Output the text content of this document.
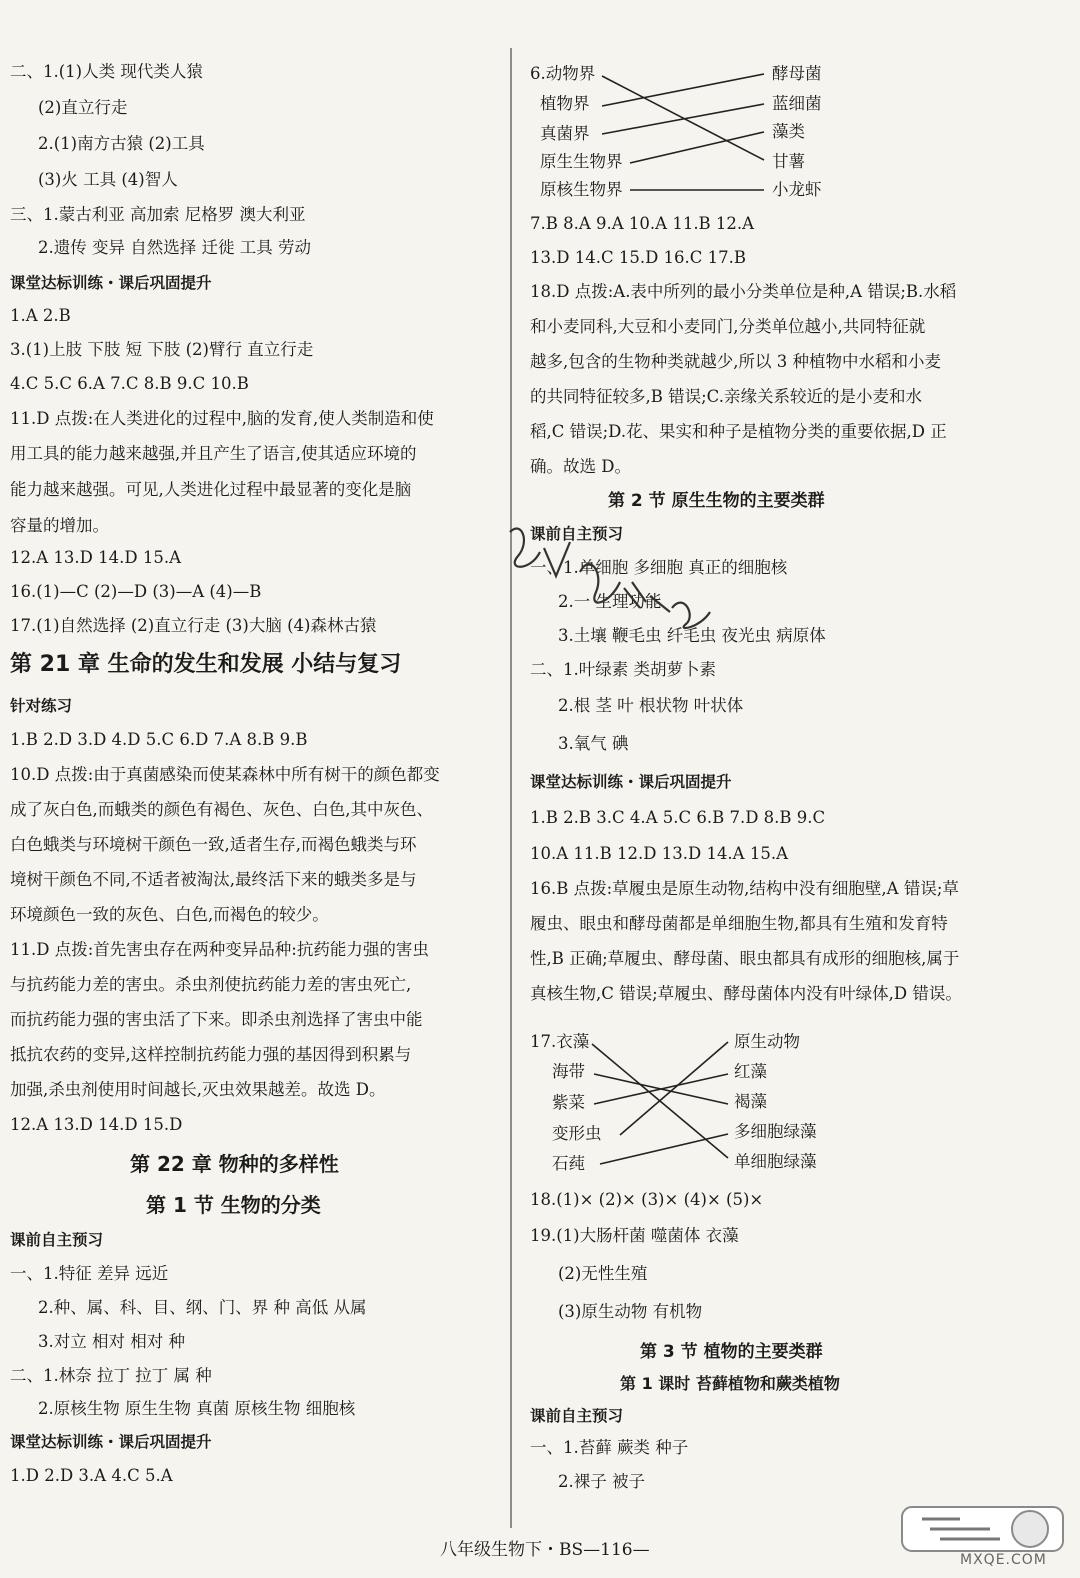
二、1.(1)人类 现代类人猿
(2)直立行走
2.(1)南方古猿 (2)工具
(3)火 工具 (4)智人
三、1.蒙古利亚 高加索 尼格罗 澳大利亚
2.遗传 变异 自然选择 迁徙 工具 劳动
课堂达标训练・课后巩固提升
1.A 2.B
3.(1)上肢 下肢 短 下肢 (2)臂行 直立行走
4.C 5.C 6.A 7.C 8.B 9.C 10.B
11.D 点拨:在人类进化的过程中,脑的发育,使人类制造和使
用工具的能力越来越强,并且产生了语言,使其适应环境的
能力越来越强。可见,人类进化过程中最显著的变化是脑
容量的增加。
12.A 13.D 14.D 15.A
16.(1)—C (2)—D (3)—A (4)—B
17.(1)自然选择 (2)直立行走 (3)大脑 (4)森林古猿
第 21 章 生命的发生和发展 小结与复习
针对练习
1.B 2.D 3.D 4.D 5.C 6.D 7.A 8.B 9.B
10.D 点拨:由于真菌感染而使某森林中所有树干的颜色都变
成了灰白色,而蛾类的颜色有褐色、灰色、白色,其中灰色、
白色蛾类与环境树干颜色一致,适者生存,而褐色蛾类与环
境树干颜色不同,不适者被淘汰,最终活下来的蛾类多是与
环境颜色一致的灰色、白色,而褐色的较少。
11.D 点拨:首先害虫存在两种变异品种:抗药能力强的害虫
与抗药能力差的害虫。杀虫剂使抗药能力差的害虫死亡,
而抗药能力强的害虫活了下来。即杀虫剂选择了害虫中能
抵抗农药的变异,这样控制抗药能力强的基因得到积累与
加强,杀虫剂使用时间越长,灭虫效果越差。故选 D。
12.A 13.D 14.D 15.D
第 22 章 物种的多样性
第 1 节 生物的分类
课前自主预习
一、1.特征 差异 远近
2.种、属、科、目、纲、门、界 种 高低 从属
3.对立 相对 相对 种
二、1.林奈 拉丁 拉丁 属 种
2.原核生物 原生生物 真菌 原核生物 细胞核
课堂达标训练・课后巩固提升
1.D 2.D 3.A 4.C 5.A
6.动物界
植物界
真菌界
原生生物界
原核生物界
酵母菌
蓝细菌
藻类
甘薯
小龙虾
7.B 8.A 9.A 10.A 11.B 12.A
13.D 14.C 15.D 16.C 17.B
18.D 点拨:A.表中所列的最小分类单位是种,A 错误;B.水稻
和小麦同科,大豆和小麦同门,分类单位越小,共同特征就
越多,包含的生物种类就越少,所以 3 种植物中水稻和小麦
的共同特征较多,B 错误;C.亲缘关系较近的是小麦和水
稻,C 错误;D.花、果实和种子是植物分类的重要依据,D 正
确。故选 D。
第 2 节 原生生物的主要类群
课前自主预习
一、1.单细胞 多细胞 真正的细胞核
2.一 生理功能
3.土壤 鞭毛虫 纤毛虫 夜光虫 病原体
二、1.叶绿素 类胡萝卜素
2.根 茎 叶 根状物 叶状体
3.氧气 碘
课堂达标训练・课后巩固提升
1.B 2.B 3.C 4.A 5.C 6.B 7.D 8.B 9.C
10.A 11.B 12.D 13.D 14.A 15.A
16.B 点拨:草履虫是原生动物,结构中没有细胞壁,A 错误;草
履虫、眼虫和酵母菌都是单细胞生物,都具有生殖和发育特
性,B 正确;草履虫、酵母菌、眼虫都具有成形的细胞核,属于
真核生物,C 错误;草履虫、酵母菌体内没有叶绿体,D 错误。
17.衣藻
海带
紫菜
变形虫
石莼
原生动物
红藻
褐藻
多细胞绿藻
单细胞绿藻
18.(1)× (2)× (3)× (4)× (5)×
19.(1)大肠杆菌 噬菌体 衣藻
(2)无性生殖
(3)原生动物 有机物
第 3 节 植物的主要类群
第 1 课时 苔藓植物和蕨类植物
课前自主预习
一、1.苔藓 蕨类 种子
2.裸子 被子
八年级生物下・BS—116—	MXQE.COM
